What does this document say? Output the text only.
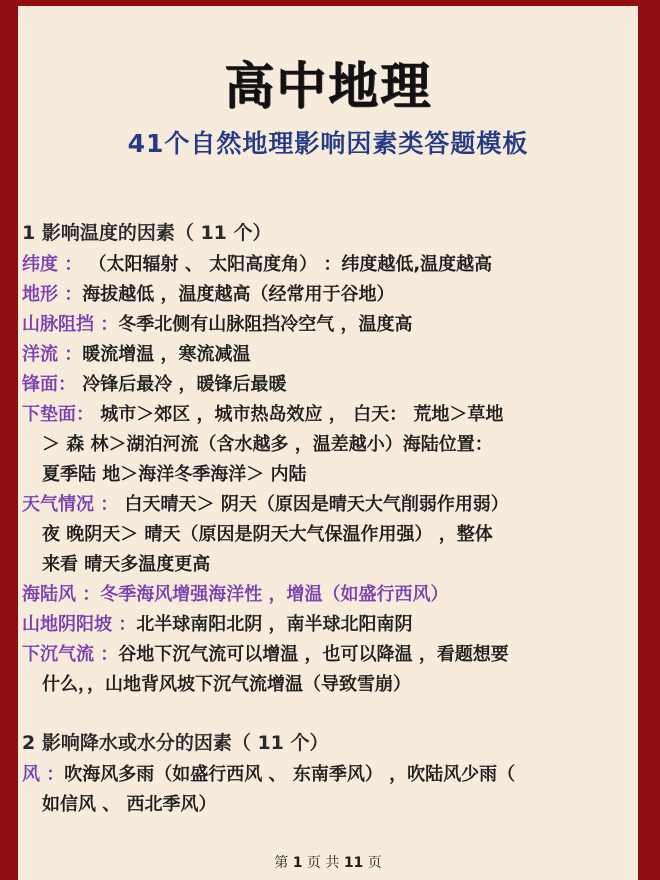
高中地理
41个自然地理影响因素类答题模板
1 影响温度的因素（ 11 个）
纬度 ： （太阳辐射 、 太阳高度角） ：纬度越低,温度越高
地形 ：海拔越低 ，温度越高（经常用于谷地）
山脉阻挡 ：冬季北侧有山脉阻挡冷空气 ，温度高
洋流 ：暖流增温 ，寒流减温
锋面： 冷锋后最冷 ，暖锋后最暖
下垫面： 城市＞郊区 ，城市热岛效应 ， 白天： 荒地＞草地
＞ 森 林＞湖泊河流（含水越多 ，温差越小）海陆位置：
夏季陆 地＞海洋冬季海洋＞ 内陆
天气情况 ： 白天晴天＞ 阴天（原因是晴天大气削弱作用弱）
夜 晚阴天＞ 晴天（原因是阴天大气保温作用强） ，整体
来看 晴天多温度更高
海陆风 ：冬季海风增强海洋性 ，增温（如盛行西风）
山地阴阳坡 ：北半球南阳北阴 ，南半球北阳南阴
下沉气流 ：谷地下沉气流可以增温 ，也可以降温 ，看题想要
什么，，山地背风坡下沉气流增温（导致雪崩）
2 影响降水或水分的因素（ 11 个）
风 ：吹海风多雨（如盛行西风 、 东南季风） ，吹陆风少雨（
如信风 、 西北季风）
第 1 页 共 11 页
